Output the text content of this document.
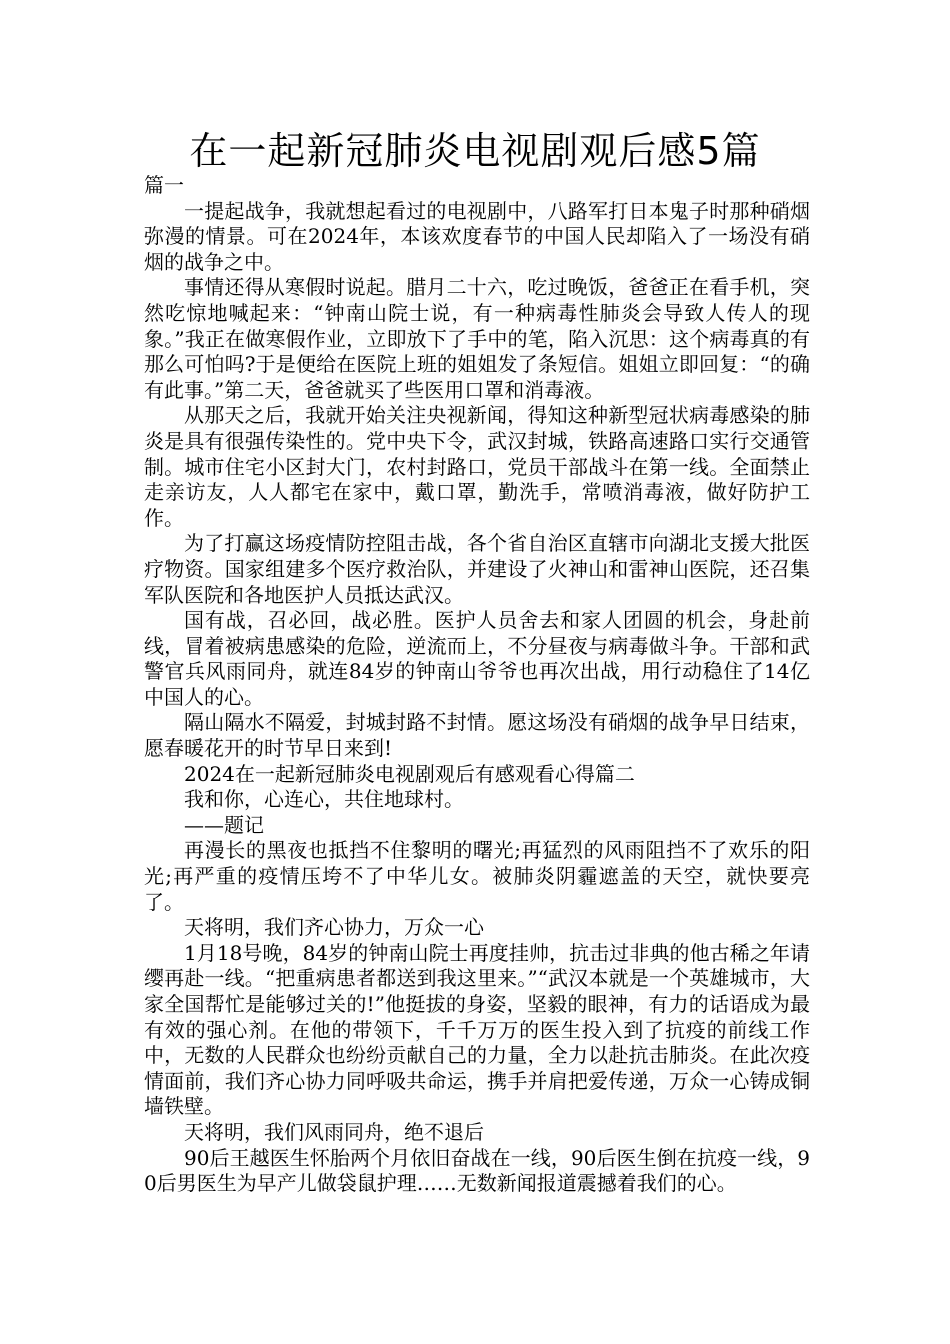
在一起新冠肺炎电视剧观后感5篇

篇一

一提起战争，我就想起看过的电视剧中，八路军打日本鬼子时那种硝烟弥漫的情景。可在2024年，本该欢度春节的中国人民却陷入了一场没有硝烟的战争之中。

事情还得从寒假时说起。腊月二十六，吃过晚饭，爸爸正在看手机，突然吃惊地喊起来：“钟南山院士说，有一种病毒性肺炎会导致人传人的现象。”我正在做寒假作业，立即放下了手中的笔，陷入沉思：这个病毒真的有那么可怕吗?于是便给在医院上班的姐姐发了条短信。姐姐立即回复：“的确有此事。”第二天，爸爸就买了些医用口罩和消毒液。

从那天之后，我就开始关注央视新闻，得知这种新型冠状病毒感染的肺炎是具有很强传染性的。党中央下令，武汉封城，铁路高速路口实行交通管制。城市住宅小区封大门，农村封路口，党员干部战斗在第一线。全面禁止走亲访友，人人都宅在家中，戴口罩，勤洗手，常喷消毒液，做好防护工作。

为了打赢这场疫情防控阻击战，各个省自治区直辖市向湖北支援大批医疗物资。国家组建多个医疗救治队，并建设了火神山和雷神山医院，还召集军队医院和各地医护人员抵达武汉。

国有战，召必回，战必胜。医护人员舍去和家人团圆的机会，身赴前线，冒着被病患感染的危险，逆流而上，不分昼夜与病毒做斗争。干部和武警官兵风雨同舟，就连84岁的钟南山爷爷也再次出战，用行动稳住了14亿中国人的心。

隔山隔水不隔爱，封城封路不封情。愿这场没有硝烟的战争早日结束，愿春暖花开的时节早日来到!

2024在一起新冠肺炎电视剧观后有感观看心得篇二

我和你，心连心，共住地球村。

——题记

再漫长的黑夜也抵挡不住黎明的曙光;再猛烈的风雨阻挡不了欢乐的阳光;再严重的疫情压垮不了中华儿女。被肺炎阴霾遮盖的天空，就快要亮了。

天将明，我们齐心协力，万众一心

1月18号晚，84岁的钟南山院士再度挂帅，抗击过非典的他古稀之年请缨再赴一线。“把重病患者都送到我这里来。”“武汉本就是一个英雄城市，大家全国帮忙是能够过关的!”他挺拔的身姿，坚毅的眼神，有力的话语成为最有效的强心剂。在他的带领下，千千万万的医生投入到了抗疫的前线工作中，无数的人民群众也纷纷贡献自己的力量，全力以赴抗击肺炎。在此次疫情面前，我们齐心协力同呼吸共命运，携手并肩把爱传递，万众一心铸成铜墙铁壁。

天将明，我们风雨同舟，绝不退后

90后王越医生怀胎两个月依旧奋战在一线，90后医生倒在抗疫一线，90后男医生为早产儿做袋鼠护理……无数新闻报道震撼着我们的心。
